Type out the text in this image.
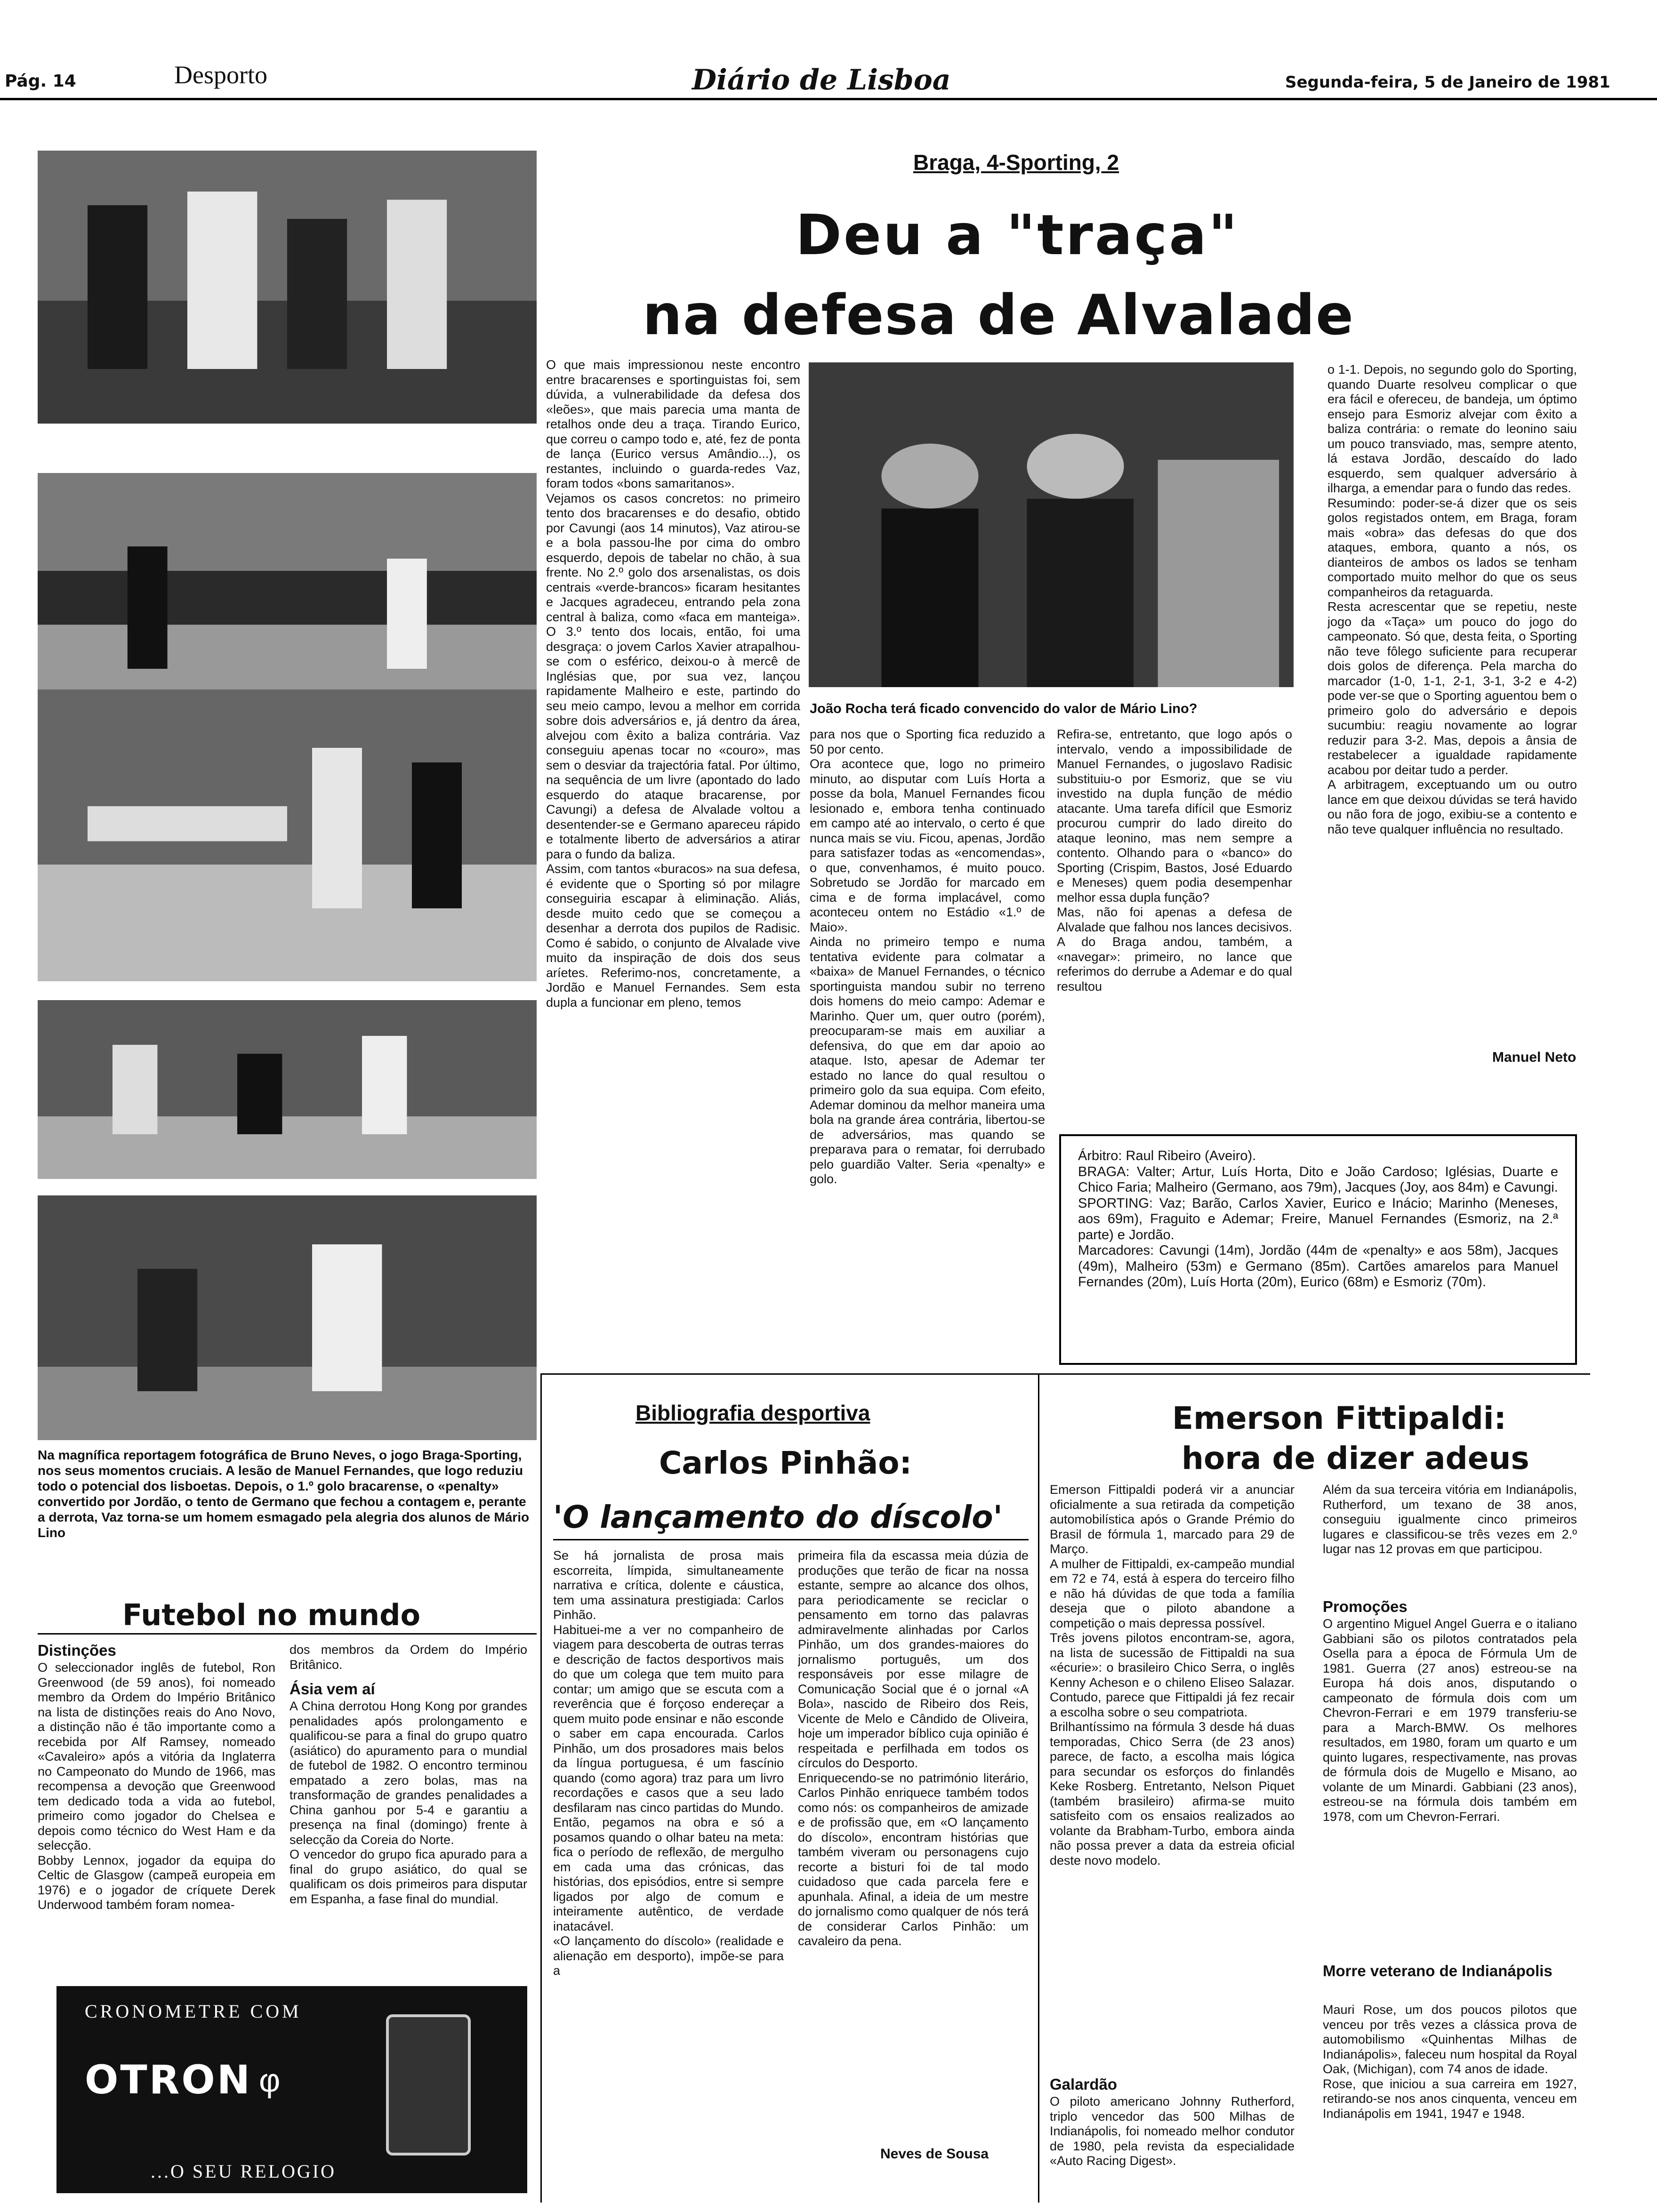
Pág. 14	Desporto	Diário de Lisboa	Segunda-feira, 5 de Janeiro de 1981

Na magnífica reportagem fotográfica de Bruno Neves, o jogo Braga-Sporting, nos seus momentos cruciais. A lesão de Manuel Fernandes, que logo reduziu todo o potencial dos lisboetas. Depois, o 1.º golo bracarense, o «penalty» convertido por Jordão, o tento de Germano que fechou a contagem e, perante a derrota, Vaz torna-se um homem esmagado pela alegria dos alunos de Mário Lino

Braga, 4-Sporting, 2
Deu a "traça"
na defesa de Alvalade

O que mais impressionou neste encontro entre bracarenses e sportinguistas foi, sem dúvida, a vulnerabilidade da defesa dos «leões», que mais parecia uma manta de retalhos onde deu a traça. Tirando Eurico, que correu o campo todo e, até, fez de ponta de lança (Eurico versus Amândio...), os restantes, incluindo o guarda-redes Vaz, foram todos «bons samaritanos».
Vejamos os casos concretos: no primeiro tento dos bracarenses e do desafio, obtido por Cavungi (aos 14 minutos), Vaz atirou-se e a bola passou-lhe por cima do ombro esquerdo, depois de tabelar no chão, à sua frente. No 2.º golo dos arsenalistas, os dois centrais «verde-brancos» ficaram hesitantes e Jacques agradeceu, entrando pela zona central à baliza, como «faca em manteiga». O 3.º tento dos locais, então, foi uma desgraça: o jovem Carlos Xavier atrapalhou-se com o esférico, deixou-o à mercê de Inglésias que, por sua vez, lançou rapidamente Malheiro e este, partindo do seu meio campo, levou a melhor em corrida sobre dois adversários e, já dentro da área, alvejou com êxito a baliza contrária. Vaz conseguiu apenas tocar no «couro», mas sem o desviar da trajectória fatal. Por último, na sequência de um livre (apontado do lado esquerdo do ataque bracarense, por Cavungi) a defesa de Alvalade voltou a desentender-se e Germano apareceu rápido e totalmente liberto de adversários a atirar para o fundo da baliza.
Assim, com tantos «buracos» na sua defesa, é evidente que o Sporting só por milagre conseguiria escapar à eliminação. Aliás, desde muito cedo que se começou a desenhar a derrota dos pupilos de Radisic. Como é sabido, o conjunto de Alvalade vive muito da inspiração de dois dos seus aríetes. Referimo-nos, concretamente, a Jordão e Manuel Fernandes. Sem esta dupla a funcionar em pleno, temos

João Rocha terá ficado convencido do valor de Mário Lino?

para nos que o Sporting fica reduzido a 50 por cento.
Ora acontece que, logo no primeiro minuto, ao disputar com Luís Horta a posse da bola, Manuel Fernandes ficou lesionado e, embora tenha continuado em campo até ao intervalo, o certo é que nunca mais se viu. Ficou, apenas, Jordão para satisfazer todas as «encomendas», o que, convenhamos, é muito pouco. Sobretudo se Jordão for marcado em cima e de forma implacável, como aconteceu ontem no Estádio «1.º de Maio».
Ainda no primeiro tempo e numa tentativa evidente para colmatar a «baixa» de Manuel Fernandes, o técnico sportinguista mandou subir no terreno dois homens do meio campo: Ademar e Marinho. Quer um, quer outro (porém), preocuparam-se mais em auxiliar a defensiva, do que em dar apoio ao ataque. Isto, apesar de Ademar ter estado no lance do qual resultou o primeiro golo da sua equipa. Com efeito, Ademar dominou da melhor maneira uma bola na grande área contrária, libertou-se de adversários, mas quando se preparava para o rematar, foi derrubado pelo guardião Valter. Seria «penalty» e golo.

Refira-se, entretanto, que logo após o intervalo, vendo a impossibilidade de Manuel Fernandes, o jugoslavo Radisic substituiu-o por Esmoriz, que se viu investido na dupla função de médio atacante. Uma tarefa difícil que Esmoriz procurou cumprir do lado direito do ataque leonino, mas nem sempre a contento. Olhando para o «banco» do Sporting (Crispim, Bastos, José Eduardo e Meneses) quem podia desempenhar melhor essa dupla função?
Mas, não foi apenas a defesa de Alvalade que falhou nos lances decisivos. A do Braga andou, também, a «navegar»: primeiro, no lance que referimos do derrube a Ademar e do qual resultou

o 1-1. Depois, no segundo golo do Sporting, quando Duarte resolveu complicar o que era fácil e ofereceu, de bandeja, um óptimo ensejo para Esmoriz alvejar com êxito a baliza contrária: o remate do leonino saiu um pouco transviado, mas, sempre atento, lá estava Jordão, descaído do lado esquerdo, sem qualquer adversário à ilharga, a emendar para o fundo das redes.
Resumindo: poder-se-á dizer que os seis golos registados ontem, em Braga, foram mais «obra» das defesas do que dos ataques, embora, quanto a nós, os dianteiros de ambos os lados se tenham comportado muito melhor do que os seus companheiros da retaguarda.
Resta acrescentar que se repetiu, neste jogo da «Taça» um pouco do jogo do campeonato. Só que, desta feita, o Sporting não teve fôlego suficiente para recuperar dois golos de diferença. Pela marcha do marcador (1-0, 1-1, 2-1, 3-1, 3-2 e 4-2) pode ver-se que o Sporting aguentou bem o primeiro golo do adversário e depois sucumbiu: reagiu novamente ao lograr reduzir para 3-2. Mas, depois a ânsia de restabelecer a igualdade rapidamente acabou por deitar tudo a perder.
A arbitragem, exceptuando um ou outro lance em que deixou dúvidas se terá havido ou não fora de jogo, exibiu-se a contento e não teve qualquer influência no resultado.

Manuel Neto

Árbitro: Raul Ribeiro (Aveiro).
BRAGA: Valter; Artur, Luís Horta, Dito e João Cardoso; Iglésias, Duarte e Chico Faria; Malheiro (Germano, aos 79m), Jacques (Joy, aos 84m) e Cavungi.
SPORTING: Vaz; Barão, Carlos Xavier, Eurico e Inácio; Marinho (Meneses, aos 69m), Fraguito e Ademar; Freire, Manuel Fernandes (Esmoriz, na 2.ª parte) e Jordão.
Marcadores: Cavungi (14m), Jordão (44m de «penalty» e aos 58m), Jacques (49m), Malheiro (53m) e Germano (85m). Cartões amarelos para Manuel Fernandes (20m), Luís Horta (20m), Eurico (68m) e Esmoriz (70m).

Futebol no mundo
Distinções

O seleccionador inglês de futebol, Ron Greenwood (de 59 anos), foi nomeado membro da Ordem do Império Britânico na lista de distinções reais do Ano Novo, a distinção não é tão importante como a recebida por Alf Ramsey, nomeado «Cavaleiro» após a vitória da Inglaterra no Campeonato do Mundo de 1966, mas recompensa a devoção que Greenwood tem dedicado toda a vida ao futebol, primeiro como jogador do Chelsea e depois como técnico do West Ham e da selecção.
Bobby Lennox, jogador da equipa do Celtic de Glasgow (campeã europeia em 1976) e o jogador de críquete Derek Underwood também foram nomea-

dos membros da Ordem do Império Britânico.

Ásia vem aí

A China derrotou Hong Kong por grandes penalidades após prolongamento e qualificou-se para a final do grupo quatro (asiático) do apuramento para o mundial de futebol de 1982. O encontro terminou empatado a zero bolas, mas na transformação de grandes penalidades a China ganhou por 5-4 e garantiu a presença na final (domingo) frente à selecção da Coreia do Norte.
O vencedor do grupo fica apurado para a final do grupo asiático, do qual se qualificam os dois primeiros para disputar em Espanha, a fase final do mundial.

CRONOMETRE COM
OTRON φ
...O SEU RELOGIO
Bibliografia desportiva
Carlos Pinhão:
'O lançamento do díscolo'

Se há jornalista de prosa mais escorreita, límpida, simultaneamente narrativa e crítica, dolente e cáustica, tem uma assinatura prestigiada: Carlos Pinhão.
Habituei-me a ver no companheiro de viagem para descoberta de outras terras e descrição de factos desportivos mais do que um colega que tem muito para contar; um amigo que se escuta com a reverência que é forçoso endereçar a quem muito pode ensinar e não esconde o saber em capa encourada. Carlos Pinhão, um dos prosadores mais belos da língua portuguesa, é um fascínio quando (como agora) traz para um livro recordações e casos que a seu lado desfilaram nas cinco partidas do Mundo. Então, pegamos na obra e só a posamos quando o olhar bateu na meta: fica o período de reflexão, de mergulho em cada uma das crónicas, das histórias, dos episódios, entre si sempre ligados por algo de comum e inteiramente autêntico, de verdade inatacável.
«O lançamento do díscolo» (realidade e alienação em desporto), impõe-se para a

primeira fila da escassa meia dúzia de produções que terão de ficar na nossa estante, sempre ao alcance dos olhos, para periodicamente se reciclar o pensamento em torno das palavras admiravelmente alinhadas por Carlos Pinhão, um dos grandes-maiores do jornalismo português, um dos responsáveis por esse milagre de Comunicação Social que é o jornal «A Bola», nascido de Ribeiro dos Reis, Vicente de Melo e Cândido de Oliveira, hoje um imperador bíblico cuja opinião é respeitada e perfilhada em todos os círculos do Desporto.
Enriquecendo-se no património literário, Carlos Pinhão enriquece também todos como nós: os companheiros de amizade e de profissão que, em «O lançamento do díscolo», encontram histórias que também viveram ou personagens cujo recorte a bisturi foi de tal modo cuidadoso que cada parcela fere e apunhala. Afinal, a ideia de um mestre do jornalismo como qualquer de nós terá de considerar Carlos Pinhão: um cavaleiro da pena.

Neves de Sousa
Emerson Fittipaldi:
hora de dizer adeus

Emerson Fittipaldi poderá vir a anunciar oficialmente a sua retirada da competição automobilística após o Grande Prémio do Brasil de fórmula 1, marcado para 29 de Março.
A mulher de Fittipaldi, ex-campeão mundial em 72 e 74, está à espera do terceiro filho e não há dúvidas de que toda a família deseja que o piloto abandone a competição o mais depressa possível.
Três jovens pilotos encontram-se, agora, na lista de sucessão de Fittipaldi na sua «écurie»: o brasileiro Chico Serra, o inglês Kenny Acheson e o chileno Eliseo Salazar. Contudo, parece que Fittipaldi já fez recair a escolha sobre o seu compatriota.
Brilhantíssimo na fórmula 3 desde há duas temporadas, Chico Serra (de 23 anos) parece, de facto, a escolha mais lógica para secundar os esforços do finlandês Keke Rosberg. Entretanto, Nelson Piquet (também brasileiro) afirma-se muito satisfeito com os ensaios realizados ao volante da Brabham-Turbo, embora ainda não possa prever a data da estreia oficial deste novo modelo.

Galardão

O piloto americano Johnny Rutherford, triplo vencedor das 500 Milhas de Indianápolis, foi nomeado melhor condutor de 1980, pela revista da especialidade «Auto Racing Digest».

Além da sua terceira vitória em Indianápolis, Rutherford, um texano de 38 anos, conseguiu igualmente cinco primeiros lugares e classificou-se três vezes em 2.º lugar nas 12 provas em que participou.

Promoções

O argentino Miguel Angel Guerra e o italiano Gabbiani são os pilotos contratados pela Osella para a época de Fórmula Um de 1981. Guerra (27 anos) estreou-se na Europa há dois anos, disputando o campeonato de fórmula dois com um Chevron-Ferrari e em 1979 transferiu-se para a March-BMW. Os melhores resultados, em 1980, foram um quarto e um quinto lugares, respectivamente, nas provas de fórmula dois de Mugello e Misano, ao volante de um Minardi. Gabbiani (23 anos), estreou-se na fórmula dois também em 1978, com um Chevron-Ferrari.

Morre veterano de Indianápolis

Mauri Rose, um dos poucos pilotos que venceu por três vezes a clássica prova de automobilismo «Quinhentas Milhas de Indianápolis», faleceu num hospital da Royal Oak, (Michigan), com 74 anos de idade.
Rose, que iniciou a sua carreira em 1927, retirando-se nos anos cinquenta, venceu em Indianápolis em 1941, 1947 e 1948.
